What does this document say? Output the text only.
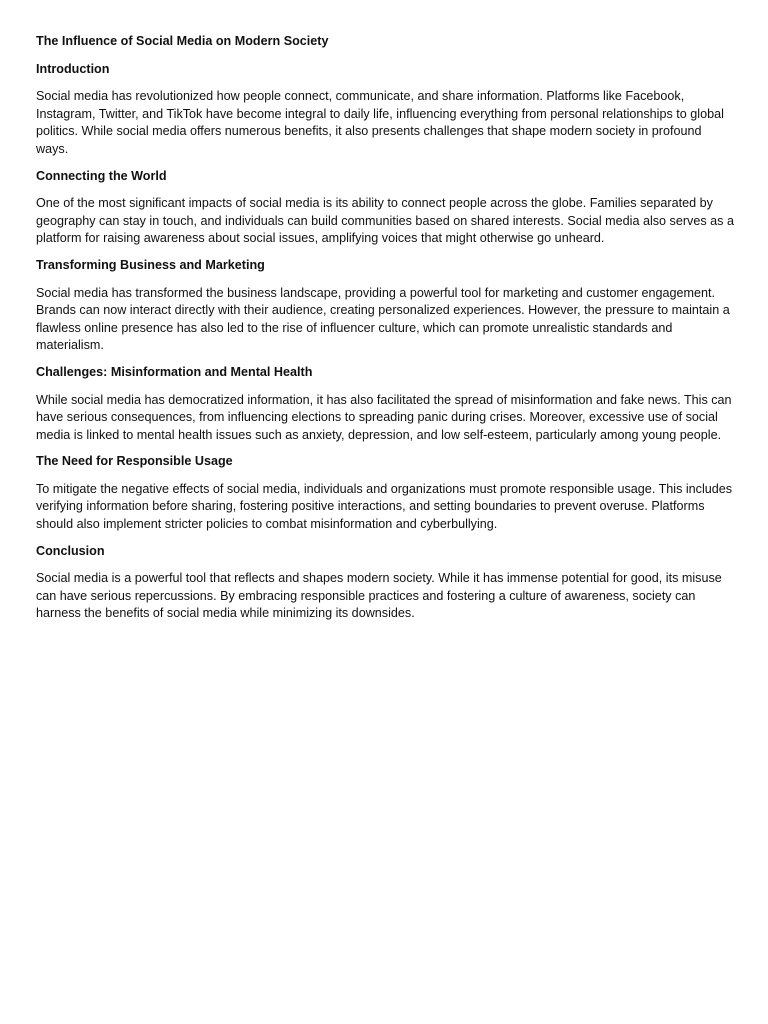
The Influence of Social Media on Modern Society
Introduction

Social media has revolutionized how people connect, communicate, and share information. Platforms like Facebook, Instagram, Twitter, and TikTok have become integral to daily life, influencing everything from personal relationships to global politics. While social media offers numerous benefits, it also presents challenges that shape modern society in profound ways.

Connecting the World

One of the most significant impacts of social media is its ability to connect people across the globe. Families separated by geography can stay in touch, and individuals can build communities based on shared interests. Social media also serves as a platform for raising awareness about social issues, amplifying voices that might otherwise go unheard.

Transforming Business and Marketing

Social media has transformed the business landscape, providing a powerful tool for marketing and customer engagement. Brands can now interact directly with their audience, creating personalized experiences. However, the pressure to maintain a flawless online presence has also led to the rise of influencer culture, which can promote unrealistic standards and materialism.

Challenges: Misinformation and Mental Health

While social media has democratized information, it has also facilitated the spread of misinformation and fake news. This can have serious consequences, from influencing elections to spreading panic during crises. Moreover, excessive use of social media is linked to mental health issues such as anxiety, depression, and low self-esteem, particularly among young people.

The Need for Responsible Usage

To mitigate the negative effects of social media, individuals and organizations must promote responsible usage. This includes verifying information before sharing, fostering positive interactions, and setting boundaries to prevent overuse. Platforms should also implement stricter policies to combat misinformation and cyberbullying.

Conclusion

Social media is a powerful tool that reflects and shapes modern society. While it has immense potential for good, its misuse can have serious repercussions. By embracing responsible practices and fostering a culture of awareness, society can harness the benefits of social media while minimizing its downsides.
